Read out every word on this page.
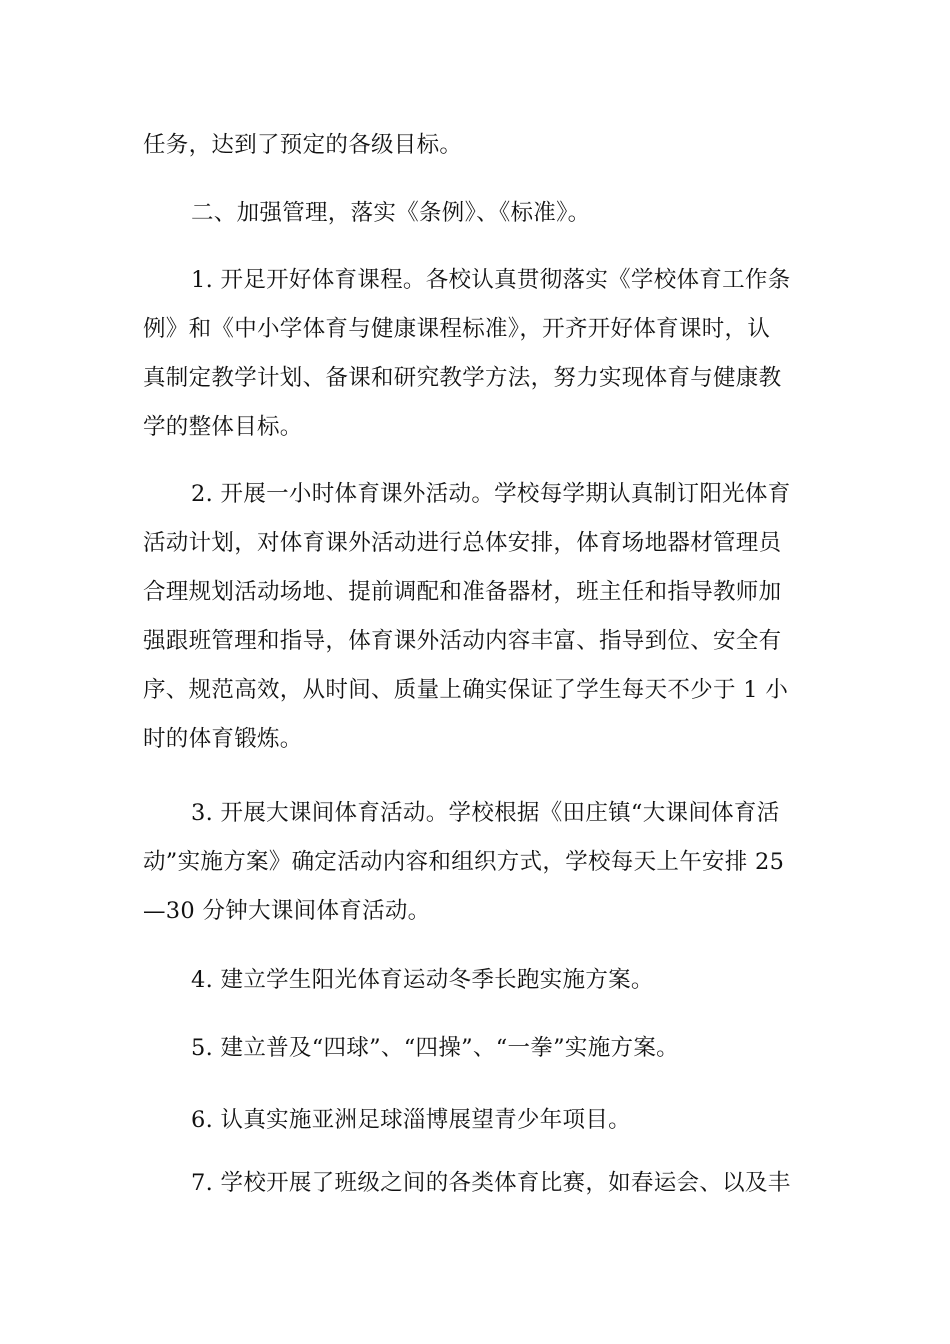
任务，达到了预定的各级目标。
二、加强管理，落实《条例》、《标准》。
1. 开足开好体育课程。各校认真贯彻落实《学校体育工作条
例》和《中小学体育与健康课程标准》，开齐开好体育课时，认
真制定教学计划、备课和研究教学方法，努力实现体育与健康教
学的整体目标。
2. 开展一小时体育课外活动。学校每学期认真制订阳光体育
活动计划，对体育课外活动进行总体安排，体育场地器材管理员
合理规划活动场地、提前调配和准备器材，班主任和指导教师加
强跟班管理和指导，体育课外活动内容丰富、指导到位、安全有
序、规范高效，从时间、质量上确实保证了学生每天不少于 1 小
时的体育锻炼。
3. 开展大课间体育活动。学校根据《田庄镇“大课间体育活
动”实施方案》确定活动内容和组织方式，学校每天上午安排 25
—30 分钟大课间体育活动。
4. 建立学生阳光体育运动冬季长跑实施方案。
5. 建立普及“四球”、“四操”、“一拳”实施方案。
6. 认真实施亚洲足球淄博展望青少年项目。
7. 学校开展了班级之间的各类体育比赛，如春运会、以及丰
